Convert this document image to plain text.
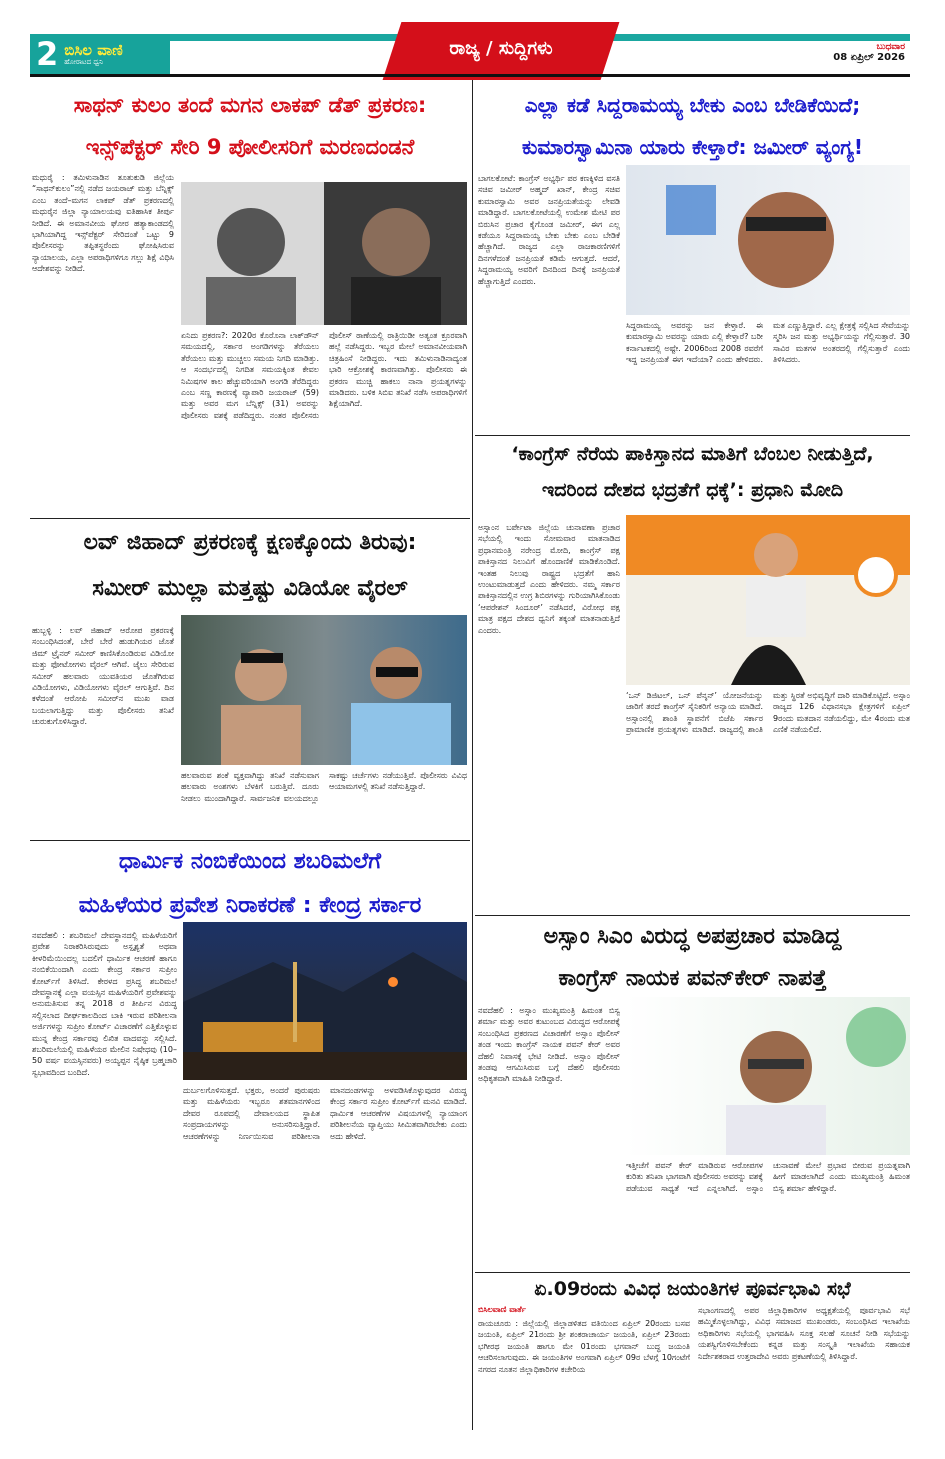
2 ಬಿಸಿಲ ವಾಣಿ
ಹೋರಾಟದ ಧ್ವನಿ
ರಾಜ್ಯ / ಸುದ್ದಿಗಳು	ಬುಧವಾರ
08 ಏಪ್ರಿಲ್ 2026
ಸಾಥನ್ ಕುಲಂ ತಂದೆ ಮಗನ ಲಾಕಪ್ ಡೆತ್ ಪ್ರಕರಣ:
ಇನ್ಸ್‌ಪೆಕ್ಟರ್ ಸೇರಿ 9 ಪೋಲೀಸರಿಗೆ ಮರಣದಂಡನೆ
ಮಧುರೈ : ತಮಿಳುನಾಡಿನ ತೂತುಕುಡಿ ಜಿಲ್ಲೆಯ “ಸಾಥನ್‌ಕುಲಂ”ನಲ್ಲಿ ನಡೆದ ಜಯರಾಜ್ ಮತ್ತು ಬೆನ್ನಿಕ್ಸ್ ಎಂಬ ತಂದೆ–ಮಗನ ಲಾಕಪ್ ಡೆತ್ ಪ್ರಕರಣದಲ್ಲಿ ಮಧುರೈನ ಜಿಲ್ಲಾ ನ್ಯಾಯಾಲಯವು ಐತಿಹಾಸಿಕ ತೀರ್ಪು ನೀಡಿದೆ. ಈ ಅಮಾನವೀಯ ಘೋರ ಹತ್ಯಾಕಾಂಡದಲ್ಲಿ ಭಾಗಿಯಾಗಿದ್ದ ಇನ್ಸ್‌ಪೆಕ್ಟರ್ ಸೇರಿದಂತೆ ಒಟ್ಟು 9 ಪೊಲೀಸರನ್ನು ತಪ್ಪಿತಸ್ಥರೆಂದು ಘೋಷಿಸಿರುವ ನ್ಯಾಯಾಲಯ, ಎಲ್ಲಾ ಅಪರಾಧಿಗಳಿಗೂ ಗಲ್ಲು ಶಿಕ್ಷೆ ವಿಧಿಸಿ ಆದೇಶವನ್ನು ನೀಡಿದೆ.
ಏನಿದು ಪ್ರಕರಣ?: 2020ರ ಕೊರೊನಾ ಲಾಕ್‌ಡೌನ್ ಸಮಯದಲ್ಲಿ, ಸರ್ಕಾರ ಅಂಗಡಿಗಳನ್ನು ತೆರೆಯಲು ತೆರೆಯಲು ಮತ್ತು ಮುಚ್ಚಲು ಸಮಯ ನಿಗದಿ ಮಾಡಿತ್ತು. ಆ ಸಂದರ್ಭದಲ್ಲಿ ನಿಗದಿತ ಸಮಯಕ್ಕಿಂತ ಕೇವಲ ನಿಮಿಷಗಳ ಕಾಲ ಹೆಚ್ಚುವರಿಯಾಗಿ ಅಂಗಡಿ ತೆರೆದಿದ್ದರು ಎಂಬ ಸಣ್ಣ ಕಾರಣಕ್ಕೆ ವ್ಯಾಪಾರಿ ಜಯರಾಜ್ (59) ಮತ್ತು ಅವರ ಮಗ ಬೆನ್ನಿಕ್ಸ್ (31) ಅವರನ್ನು ಪೊಲೀಸರು ವಶಕ್ಕೆ ಪಡೆದಿದ್ದರು. ನಂತರ ಪೊಲೀಸರು ಪೊಲೀಸ್ ಠಾಣೆಯಲ್ಲಿ ರಾತ್ರಿಯಿಡೀ ಅತ್ಯಂತ ಕ್ರೂರವಾಗಿ ಹಲ್ಲೆ ನಡೆಸಿದ್ದರು. ಇಬ್ಬರ ಮೇಲೆ ಅಮಾನವೀಯವಾಗಿ ಚಿತ್ರಹಿಂಸೆ ನೀಡಿದ್ದರು. ಇದು ತಮಿಳುನಾಡಿನಾದ್ಯಂತ ಭಾರಿ ಆಕ್ರೋಶಕ್ಕೆ ಕಾರಣವಾಗಿತ್ತು. ಪೊಲೀಸರು ಈ ಪ್ರಕರಣ ಮುಚ್ಚಿ ಹಾಕಲು ನಾನಾ ಪ್ರಯತ್ನಗಳನ್ನು ಮಾಡಿದರು. ಬಳಿಕ ಸಿಬಿಐ ತನಿಖೆ ನಡೆಸಿ ಅಪರಾಧಿಗಳಿಗೆ ಶಿಕ್ಷೆಯಾಗಿದೆ.
ಲವ್ ಜಿಹಾದ್ ಪ್ರಕರಣಕ್ಕೆ ಕ್ಷಣಕ್ಕೊಂದು ತಿರುವು:
ಸಮೀರ್ ಮುಲ್ಲಾ ಮತ್ತಷ್ಟು ವಿಡಿಯೋ ವೈರಲ್
ಹುಬ್ಬಳ್ಳಿ : ಲವ್ ಜಿಹಾದ್ ಆರೋಪ ಪ್ರಕರಣಕ್ಕೆ ಸಂಬಂಧಿಸಿದಂತೆ, ಬೇರೆ ಬೇರೆ ಹುಡುಗಿಯರ ಜೊತೆ ಜಿಮ್ ಟ್ರೈನರ್ ಸಮೀರ್ ಕಾಣಿಸಿಕೊಂಡಿರುವ ವಿಡಿಯೋ ಮತ್ತು ಫೋಟೋಗಳು ವೈರಲ್ ಆಗಿವೆ. ಜೈಲು ಸೇರಿರುವ ಸಮೀರ್ ಹಲವಾರು ಯುವತಿಯರ ಜೊತೆಗಿರುವ ವಿಡಿಯೋಗಳು, ವಿಡಿಯೋಗಳು ವೈರಲ್ ಆಗುತ್ತಿವೆ. ದಿನ ಕಳೆದಂತೆ ಆರೋಪಿ ಸಮೀರ್‌ನ ಮುಖ ವಾಡ ಬಯಲಾಗುತ್ತಿದ್ದು ಮತ್ತು ಪೊಲೀಸರು ತನಿಖೆ ಚುರುಕುಗೊಳಿಸಿದ್ದಾರೆ.
ಹಲವಾರುವ ಶಂಕೆ ವ್ಯಕ್ತವಾಗಿದ್ದು ತನಿಖೆ ನಡೆಸುವಾಗ ಹಲವಾರು ಅಂಶಗಳು ಬೆಳಕಿಗೆ ಬರುತ್ತಿವೆ. ದೂರು ನೀಡಲು ಮುಂದಾಗಿದ್ದಾರೆ. ಸಾರ್ವಜನಿಕ ವಲಯದಲ್ಲೂ ಸಾಕಷ್ಟು ಚರ್ಚೆಗಳು ನಡೆಯುತ್ತಿವೆ. ಪೊಲೀಸರು ವಿವಿಧ ಆಯಾಮಗಳಲ್ಲಿ ತನಿಖೆ ನಡೆಸುತ್ತಿದ್ದಾರೆ.
ಧಾರ್ಮಿಕ ನಂಬಿಕೆಯಿಂದ ಶಬರಿಮಲೆಗೆ
ಮಹಿಳೆಯರ ಪ್ರವೇಶ ನಿರಾಕರಣೆ : ಕೇಂದ್ರ ಸರ್ಕಾರ
ನವದೆಹಲಿ : ಶಬರಿಮಲೆ ದೇವಸ್ಥಾನದಲ್ಲಿ ಮಹಿಳೆಯರಿಗೆ ಪ್ರವೇಶ ನಿರಾಕರಿಸಿರುವುದು ಅಸ್ಪೃಶ್ಯತೆ ಅಥವಾ ಕೀಳರಿಮೆಯಿಂದಲ್ಲ ಬದಲಿಗೆ ಧಾರ್ಮಿಕ ಆಚರಣೆ ಹಾಗೂ ನಂಬಿಕೆಯಿಂದಾಗಿ ಎಂದು ಕೇಂದ್ರ ಸರ್ಕಾರ ಸುಪ್ರೀಂ ಕೋರ್ಟ್‌ಗೆ ತಿಳಿಸಿದೆ. ಕೇರಳದ ಪ್ರಸಿದ್ಧ ಶಬರಿಮಲೆ ದೇವಸ್ಥಾನಕ್ಕೆ ಎಲ್ಲಾ ವಯಸ್ಸಿನ ಮಹಿಳೆಯರಿಗೆ ಪ್ರವೇಶವನ್ನು ಅನುಮತಿಸುವ ತನ್ನ 2018 ರ ತೀರ್ಪಿನ ವಿರುದ್ಧ ಸಲ್ಲಿಸಲಾದ ದೀರ್ಘಕಾಲದಿಂದ ಬಾಕಿ ಇರುವ ಪರಿಶೀಲನಾ ಅರ್ಜಿಗಳನ್ನು ಸುಪ್ರೀಂ ಕೋರ್ಟ್ ವಿಚಾರಣೆಗೆ ಎತ್ತಿಕೊಳ್ಳುವ ಮುನ್ನ ಕೇಂದ್ರ ಸರ್ಕಾರವು ಲಿಖಿತ ವಾದವನ್ನು ಸಲ್ಲಿಸಿದೆ. ಶಬರಿಮಲೆಯಲ್ಲಿ ಮಹಿಳೆಯರ ಮೇಲಿನ ನಿಷೇಧವು (10–50 ವರ್ಷ ವಯಸ್ಸಿನವರು) ಅಯ್ಯಪ್ಪನ ನೈಷ್ಠಿಕ ಬ್ರಹ್ಮಚಾರಿ ಸ್ವಭಾವದಿಂದ ಬಂದಿದೆ.
ದುರ್ಬಲಗೊಳಿಸುತ್ತದೆ. ಭಕ್ತರು, ಅಂದರೆ ಪುರುಷರು ಮತ್ತು ಮಹಿಳೆಯರು ಇಬ್ಬರೂ ಶತಮಾನಗಳಿಂದ ದೇವರ ರೂಪದಲ್ಲಿ ದೇವಾಲಯದ ಸ್ಥಾಪಿತ ಸಂಪ್ರದಾಯಗಳನ್ನು ಅನುಸರಿಸುತ್ತಿದ್ದಾರೆ. ಆಚರಣೆಗಳನ್ನು ನಿರ್ಣಯಿಸುವ ಪರಿಶೀಲನಾ ಮಾನದಂಡಗಳನ್ನು ಅಳವಡಿಸಿಕೊಳ್ಳುವುದರ ವಿರುದ್ಧ ಕೇಂದ್ರ ಸರ್ಕಾರ ಸುಪ್ರೀಂ ಕೋರ್ಟ್‌ಗೆ ಮನವಿ ಮಾಡಿದೆ. ಧಾರ್ಮಿಕ ಆಚರಣೆಗಳ ವಿಷಯಗಳಲ್ಲಿ ನ್ಯಾಯಾಂಗ ಪರಿಶೀಲನೆಯ ವ್ಯಾಪ್ತಿಯು ಸೀಮಿತವಾಗಿರಬೇಕು ಎಂದು ಅದು ಹೇಳಿದೆ.
ಎಲ್ಲಾ ಕಡೆ ಸಿದ್ದರಾಮಯ್ಯ ಬೇಕು ಎಂಬ ಬೇಡಿಕೆಯಿದೆ;
ಕುಮಾರಸ್ವಾಮಿನಾ ಯಾರು ಕೇಳ್ತಾರೆ: ಜಮೀರ್ ವ್ಯಂಗ್ಯ!
ಬಾಗಲಕೋಟೆ: ಕಾಂಗ್ರೆಸ್ ಅಭ್ಯರ್ಥಿ ಪರ ಕಣಕ್ಕಿಳಿದ ವಸತಿ ಸಚಿವ ಜಮೀರ್ ಅಹ್ಮದ್ ಖಾನ್, ಕೇಂದ್ರ ಸಚಿವ ಕುಮಾರಸ್ವಾಮಿ ಅವರ ಜನಪ್ರಿಯತೆಯನ್ನು ಲೇವಡಿ ಮಾಡಿದ್ದಾರೆ. ಬಾಗಲಕೋಟೆಯಲ್ಲಿ ಉಮೇಶ ಮೇಟಿ ಪರ ಬಿರುಸಿನ ಪ್ರಚಾರ ಕೈಗೊಂಡ ಜಮೀರ್, ಈಗ ಎಲ್ಲ ಕಡೆಯೂ ಸಿದ್ದರಾಮಯ್ಯ ಬೇಕು ಬೇಕು ಎಂಬ ಬೇಡಿಕೆ ಹೆಚ್ಚಾಗಿದೆ. ರಾಜ್ಯದ ಎಲ್ಲಾ ರಾಜಕಾರಣಿಗಳಿಗೆ ದಿನಗಳೆದಂತೆ ಜನಪ್ರಿಯತೆ ಕಡಿಮೆ ಆಗುತ್ತದೆ. ಆದರೆ, ಸಿದ್ದರಾಮಯ್ಯ ಅವರಿಗೆ ದಿನದಿಂದ ದಿನಕ್ಕೆ ಜನಪ್ರಿಯತೆ ಹೆಚ್ಚಾಗುತ್ತಿದೆ ಎಂದರು.
ಸಿದ್ದರಾಮಯ್ಯ ಅವರನ್ನು ಜನ ಕೇಳ್ತಾರೆ. ಈ ಕುಮಾರಸ್ವಾಮಿ ಅವರನ್ನು ಯಾರು ಎಲ್ಲಿ ಕೇಳ್ತಾರೆ? ಬರೀ ಕರ್ನಾಟಕದಲ್ಲಿ ಅಷ್ಟೇ. 2006ರಿಂದ 2008 ರವರೆಗೆ ಇದ್ದ ಜನಪ್ರಿಯತೆ ಈಗ ಇದೆಯಾ? ಎಂದು ಹೇಳಿದರು. ಮತ ಎಣ್ಣುತ್ತಿದ್ದಾರೆ. ಎಲ್ಲ ಕ್ಷೇತ್ರಕ್ಕೆ ಸಲ್ಲಿಸಿದ ಸೇವೆಯನ್ನು ಸ್ಮರಿಸಿ ಜನ ಮತ್ತು ಅಭ್ಯರ್ಥಿಯನ್ನು ಗೆಲ್ಲಿಸುತ್ತಾರೆ. 30 ಸಾವಿರ ಮತಗಳ ಅಂತರದಲ್ಲಿ ಗೆಲ್ಲಿಸುತ್ತಾರೆ ಎಂದು ತಿಳಿಸಿದರು.
‘ಕಾಂಗ್ರೆಸ್ ನೆರೆಯ ಪಾಕಿಸ್ತಾನದ ಮಾತಿಗೆ ಬೆಂಬಲ ನೀಡುತ್ತಿದೆ,
ಇದರಿಂದ ದೇಶದ ಭದ್ರತೆಗೆ ಧಕ್ಕೆ’: ಪ್ರಧಾನಿ ಮೋದಿ
ಅಸ್ಸಾಂನ ಬರ್ಪೇಟಾ ಜಿಲ್ಲೆಯ ಚುನಾವಣಾ ಪ್ರಚಾರ ಸಭೆಯಲ್ಲಿ ಇಂದು ಸೋಮವಾರ ಮಾತನಾಡಿದ ಪ್ರಧಾನಮಂತ್ರಿ ನರೇಂದ್ರ ಮೋದಿ, ಕಾಂಗ್ರೆಸ್ ಪಕ್ಷ ಪಾಕಿಸ್ತಾನದ ನಿಲುವಿಗೆ ಹೊಂದಾಣಿಕೆ ಮಾಡಿಕೊಂಡಿದೆ. ಇಂತಹ ನಿಲುವು ರಾಷ್ಟ್ರದ ಭದ್ರತೆಗೆ ಹಾನಿ ಉಂಟುಮಾಡುತ್ತದೆ ಎಂದು ಹೇಳಿದರು. ನಮ್ಮ ಸರ್ಕಾರ ಪಾಕಿಸ್ತಾನದಲ್ಲಿನ ಉಗ್ರ ಶಿಬಿರಗಳನ್ನು ಗುರಿಯಾಗಿಸಿಕೊಂಡು ‘ಆಪರೇಶನ್ ಸಿಂದೂರ್’ ನಡೆಸಿದರೆ, ವಿರೋಧ ಪಕ್ಷ ಮಾತ್ರ ಪಕ್ಷದ ದೇಶದ ಧ್ವನಿಗೆ ತಕ್ಕಂತೆ ಮಾತನಾಡುತ್ತಿದೆ ಎಂದರು.
‘ಒನ್ ಡಿಜಿಟಲ್, ಒನ್ ಪೆನ್ಶನ್’ ಯೋಜನೆಯನ್ನು ಜಾರಿಗೆ ತರದೆ ಕಾಂಗ್ರೆಸ್ ಸೈನಿಕರಿಗೆ ಅನ್ಯಾಯ ಮಾಡಿದೆ. ಅಸ್ಸಾಂನಲ್ಲಿ ಶಾಂತಿ ಸ್ಥಾಪನೆಗೆ ಬಿಜೆಪಿ ಸರ್ಕಾರ ಪ್ರಾಮಾಣಿಕ ಪ್ರಯತ್ನಗಳು ಮಾಡಿದೆ. ರಾಜ್ಯದಲ್ಲಿ ಶಾಂತಿ ಮತ್ತು ಸ್ಥಿರತೆ ಅಭಿವೃದ್ಧಿಗೆ ದಾರಿ ಮಾಡಿಕೊಟ್ಟಿದೆ. ಅಸ್ಸಾಂ ರಾಜ್ಯದ 126 ವಿಧಾನಸಭಾ ಕ್ಷೇತ್ರಗಳಿಗೆ ಏಪ್ರಿಲ್ 9ರಂದು ಮತದಾನ ನಡೆಯಲಿದ್ದು, ಮೇ 4ರಂದು ಮತ ಎಣಿಕೆ ನಡೆಯಲಿದೆ.
ಅಸ್ಸಾಂ ಸಿಎಂ ವಿರುದ್ಧ ಅಪಪ್ರಚಾರ ಮಾಡಿದ್ದ
ಕಾಂಗ್ರೆಸ್ ನಾಯಕ ಪವನ್‌ಕೇರ್ ನಾಪತ್ತೆ
ನವದೆಹಲಿ : ಅಸ್ಸಾಂ ಮುಖ್ಯಮಂತ್ರಿ ಹಿಮಂತ ಬಿಸ್ವ ಶರ್ಮಾ ಮತ್ತು ಅವರ ಕುಟುಂಬದ ವಿರುದ್ಧದ ಆರೋಪಕ್ಕೆ ಸಂಬಂಧಿಸಿದ ಪ್ರಕರಣದ ವಿಚಾರಣೆಗೆ ಅಸ್ಸಾಂ ಪೊಲೀಸ್ ತಂಡ ಇಂದು ಕಾಂಗ್ರೆಸ್ ನಾಯಕ ಪವನ್ ಕೇರ್ ಅವರ ದೆಹಲಿ ನಿವಾಸಕ್ಕೆ ಭೇಟಿ ನೀಡಿದೆ. ಅಸ್ಸಾಂ ಪೊಲೀಸ್ ತಂಡವು ಆಗಮಿಸಿರುವ ಬಗ್ಗೆ ದೆಹಲಿ ಪೊಲೀಸರು ಅಧಿಕೃತವಾಗಿ ಮಾಹಿತಿ ನೀಡಿದ್ದಾರೆ.
ಇತ್ತೀಚೆಗೆ ಪವನ್ ಕೇರ್ ಮಾಡಿರುವ ಆರೋಪಗಳ ಕುರಿತು ತನಿಖಾ ಭಾಗವಾಗಿ ಪೊಲೀಸರು ಅವರನ್ನು ವಶಕ್ಕೆ ಪಡೆಯುವ ಸಾಧ್ಯತೆ ಇದೆ ಎನ್ನಲಾಗಿದೆ. ಅಸ್ಸಾಂ ಚುನಾವಣೆ ಮೇಲೆ ಪ್ರಭಾವ ಬೀರುವ ಪ್ರಯತ್ನವಾಗಿ ಹೀಗೆ ಮಾಡಲಾಗಿದೆ ಎಂದು ಮುಖ್ಯಮಂತ್ರಿ ಹಿಮಂತ ಬಿಸ್ವ ಶರ್ಮಾ ಹೇಳಿದ್ದಾರೆ.
ಏ.09ರಂದು ವಿವಿಧ ಜಯಂತಿಗಳ ಪೂರ್ವಭಾವಿ ಸಭೆ
ಬಿಸಿಲವಾಣಿ ವಾರ್ತೆ
ರಾಯಚೂರು : ಜಿಲ್ಲೆಯಲ್ಲಿ ಜಿಲ್ಲಾಡಳಿತದ ವತಿಯಿಂದ ಏಪ್ರಿಲ್ 20ರಂದು ಬಸವ ಜಯಂತಿ, ಏಪ್ರಿಲ್ 21ರಂದು ಶ್ರೀ ಶಂಕರಾಚಾರ್ಯ ಜಯಂತಿ, ಏಪ್ರಿಲ್ 23ರಂದು ಭಗೀರಥ ಜಯಂತಿ ಹಾಗೂ ಮೇ 01ರಂದು ಭಗವಾನ್ ಬುದ್ಧ ಜಯಂತಿ ಆಚರಿಸಲಾಗುವುದು. ಈ ಜಯಂತಿಗಳ ಅಂಗವಾಗಿ ಏಪ್ರಿಲ್ 09ರ ಬೆಳಗ್ಗೆ 10ಗಂಟೆಗೆ ನಗರದ ನೂತನ ಜಿಲ್ಲಾಧಿಕಾರಿಗಳ ಕಚೇರಿಯ
ಸಭಾಂಗಣದಲ್ಲಿ ಅಪರ ಜಿಲ್ಲಾಧಿಕಾರಿಗಳ ಅಧ್ಯಕ್ಷತೆಯಲ್ಲಿ ಪೂರ್ವಭಾವಿ ಸಭೆ ಹಮ್ಮಿಕೊಳ್ಳಲಾಗಿದ್ದು, ವಿವಿಧ ಸಮಾಜದ ಮುಖಂಡರು, ಸಂಬಂಧಿಸಿದ ಇಲಾಖೆಯ ಅಧಿಕಾರಿಗಳು ಸಭೆಯಲ್ಲಿ ಭಾಗವಹಿಸಿ ಸೂಕ್ತ ಸಲಹೆ ಸೂಚನೆ ನೀಡಿ ಸಭೆಯನ್ನು ಯಶಸ್ವಿಗೊಳಿಸಬೇಕೆಂದು ಕನ್ನಡ ಮತ್ತು ಸಂಸ್ಕೃತಿ ಇಲಾಖೆಯ ಸಹಾಯಕ ನಿರ್ದೇಶಕರಾದ ಉತ್ತರಾದೇವಿ ಅವರು ಪ್ರಕಟಣೆಯಲ್ಲಿ ತಿಳಿಸಿದ್ದಾರೆ.
